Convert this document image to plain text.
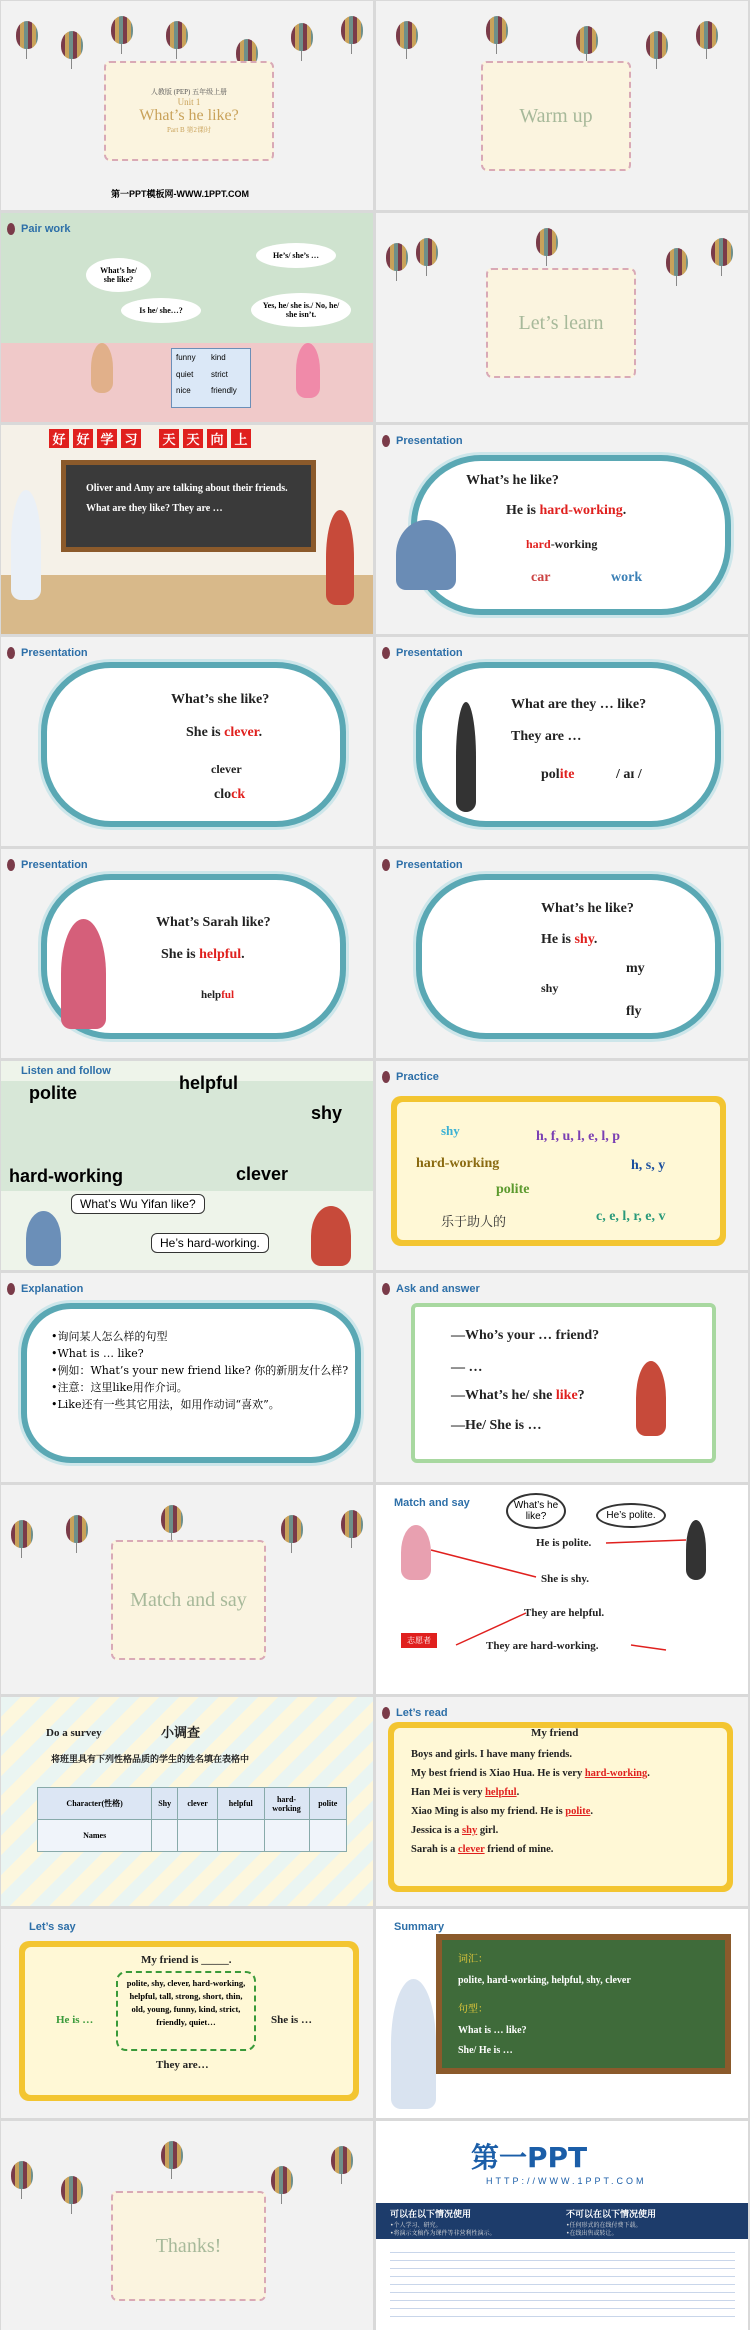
人教版 (PEP) 五年级上册
Unit 1
What’s he like?
Part B 第2课时
第一PPT模板网-WWW.1PPT.COM
Warm up
Pair work
What’s he/ she like?
He’s/ she’s …
Is he/ she…?
Yes, he/ she is./ No, he/ she isn’t.
funny	kind
quiet	strict
nice	friendly
Let’s learn
好 好 学 习 天 天 向 上
Oliver and Amy are talking about their friends. What are they like? They are …
Presentation
What’s he like?
He is hard-working.
hard-working
car	work
Presentation
What’s she like?
She is clever.
clever
clock
Presentation
What are they … like?
They are …
polite	/ aɪ /
Presentation
What’s Sarah like?
She is helpful.
helpful
Presentation
What’s he like?
He is shy.
my
shy
fly
Listen and follow
polite	helpful
shy
hard-working	clever
What’s Wu Yifan like?
He’s hard-working.
Practice
shy	h, f, u, l, e, l, p
hard-working	h, s, y
polite
乐于助人的	c, e, l, r, e, v
Explanation
•询问某人怎么样的句型
•What is … like?
•例如：What’s your new friend like? 你的新朋友什么样?
•注意：这里like用作介词。
•Like还有一些其它用法，如用作动词“喜欢”。
Ask and answer
—Who’s your … friend?
— …
—What’s he/ she like?
—He/ She is …
Match and say
Match and say	What’s he like?	He’s polite.
He is polite.
She is shy.
They are helpful.
They are hard-working.
志愿者
Do a survey	小调查
将班里具有下列性格品质的学生的姓名填在表格中
Character(性格)	Shy	clever	helpful	hard-working	polite
Names					
Let’s read
My friend
Boys and girls. I have many friends.
My best friend is Xiao Hua. He is very hard-working.
Han Mei is very helpful.
Xiao Ming is also my friend. He is polite.
Jessica is a shy girl.
Sarah is a clever friend of mine.
Let’s say
My friend is _____.
He is …	She is …
polite, shy, clever, hard-working, helpful, tall, strong, short, thin, old, young, funny, kind, strict, friendly, quiet…
They are…
Summary
词汇：
polite, hard-working, helpful, shy, clever
句型：
What is … like?
She/ He is …
Thanks!
第一PPT
HTTP://WWW.1PPT.COM
可以在以下情况使用
•个人学习、研究。
•将演示文稿作为课件等非营利性演示。
不可以在以下情况使用
•任何形式的在线付费下载。
•在线出售或转让。
